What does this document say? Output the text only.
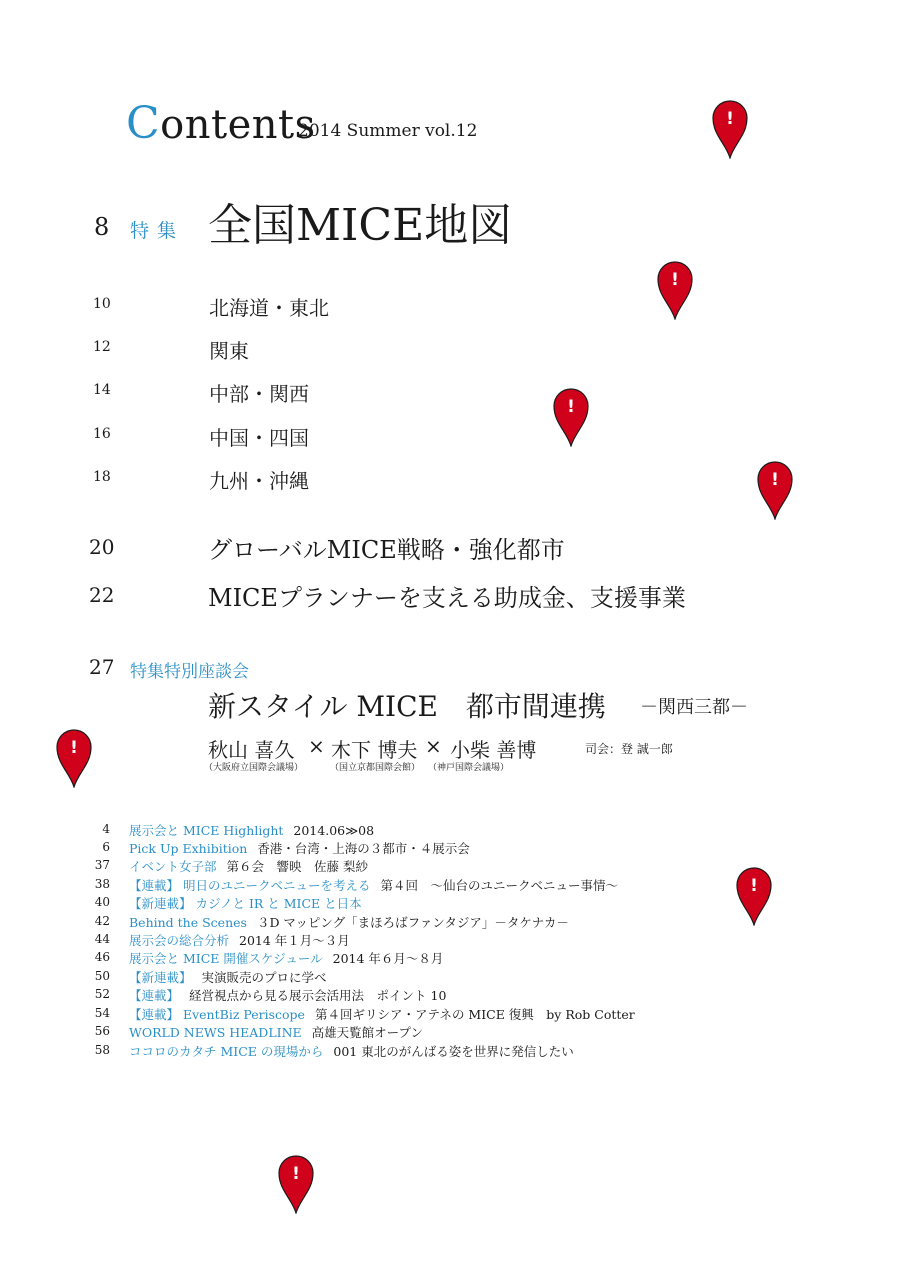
Contents
2014 Summer vol.12
8 特集 全国MICE地図
10	北海道・東北
12	関東
14	中部・関西
16	中国・四国
18	九州・沖縄
20	グローバルMICE戦略・強化都市
22	MICEプランナーを支える助成金、支援事業
27 特集特別座談会
新スタイル MICE　都市間連携 －関西三都－
秋山 喜久 × 木下 博夫 × 小柴 善博
（大阪府立国際会議場）	（国立京都国際会館） （神戸国際会議場）
司会：登 誠一郎
4 展示会と MICE Highlight 2014.06≫08
6 Pick Up Exhibition 香港・台湾・上海の３都市・４展示会
37 イベント女子部 第６会　響映　佐藤 梨紗
38 【連載】 明日のユニークベニューを考える 第４回　～仙台のユニークベニュー事情～
40 【新連載】 カジノと IR と MICE と日本
42 Behind the Scenes ３D マッピング「まほろばファンタジア」－タケナカ－
44 展示会の総合分析 2014 年１月～３月
46 展示会と MICE 開催スケジュール 2014 年６月～８月
50 【新連載】 実演販売のプロに学べ
52 【連載】 経営視点から見る展示会活用法　ポイント 10
54 【連載】 EventBiz Periscope 第４回ギリシア・アテネの MICE 復興　by Rob Cotter
56 WORLD NEWS HEADLINE 高雄天覧館オープン
58 ココロのカタチ MICE の現場から 001 東北のがんばる姿を世界に発信したい
!
!
!
!
!
!
!
